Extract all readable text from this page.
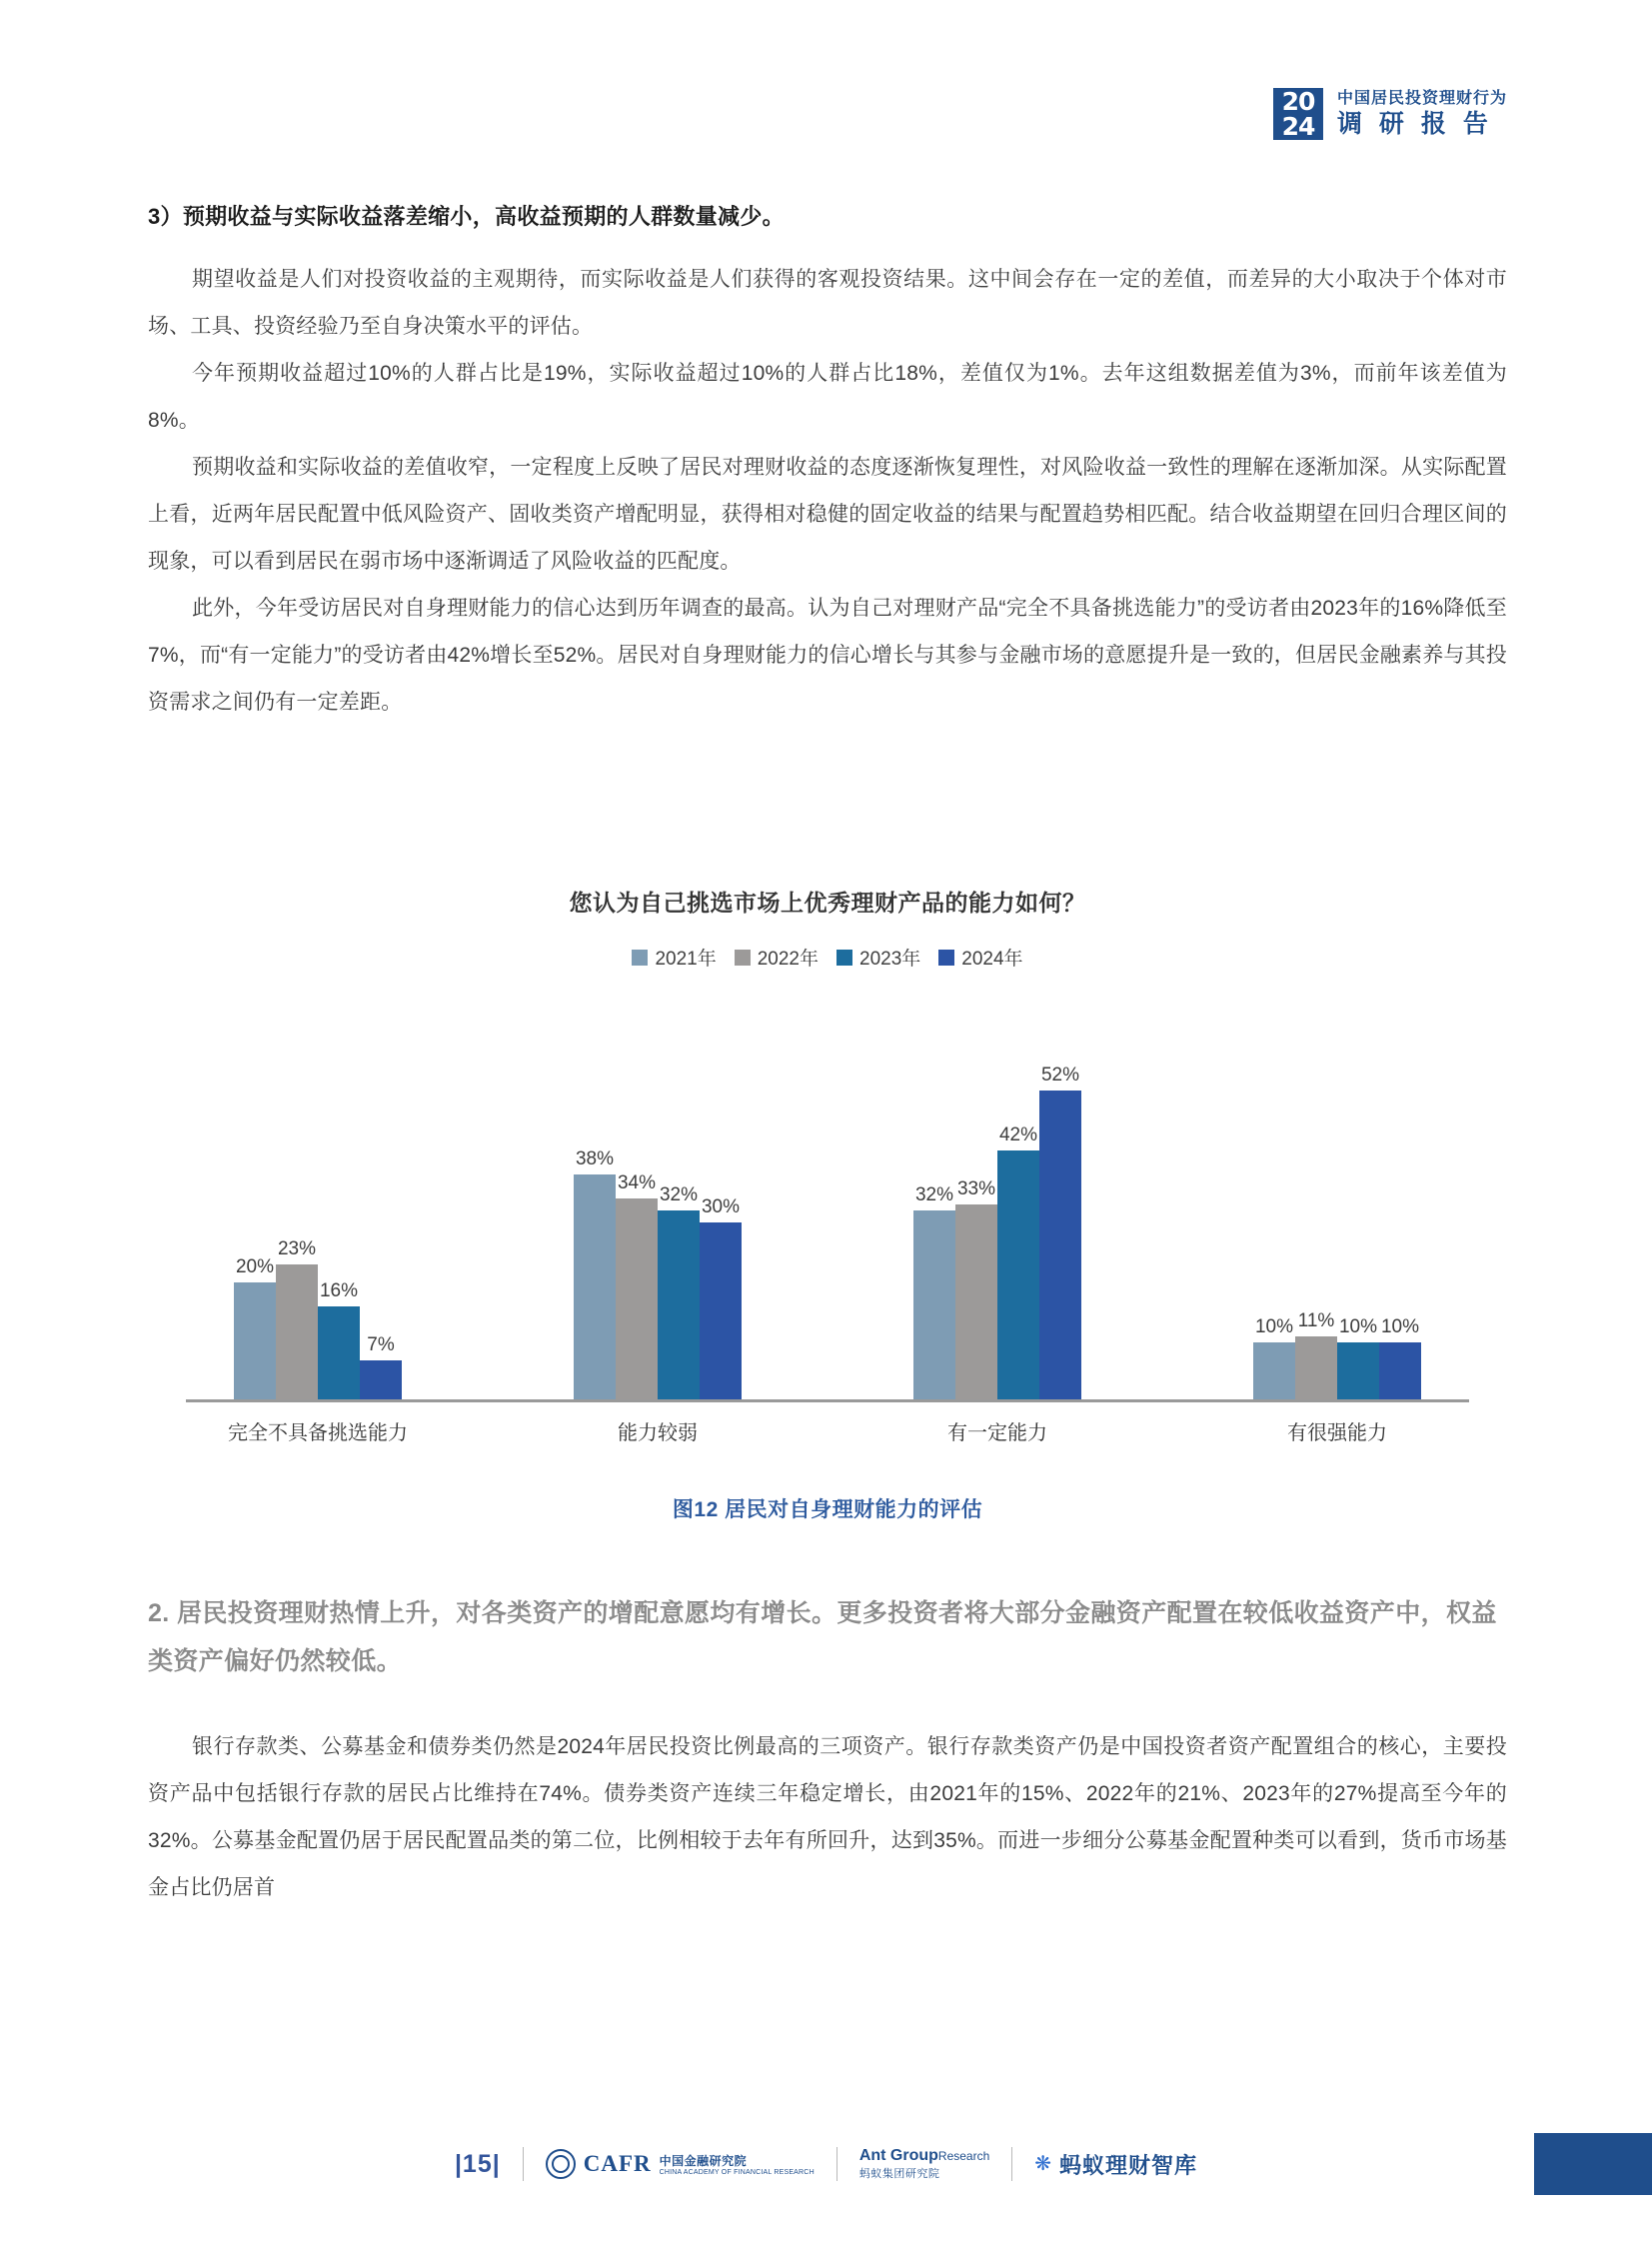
20
24
中国居民投资理财行为
调 研 报 告
3）预期收益与实际收益落差缩小，高收益预期的人群数量减少。

期望收益是人们对投资收益的主观期待，而实际收益是人们获得的客观投资结果。这中间会存在一定的差值，而差异的大小取决于个体对市场、工具、投资经验乃至自身决策水平的评估。

今年预期收益超过10%的人群占比是19%，实际收益超过10%的人群占比18%，差值仅为1%。去年这组数据差值为3%，而前年该差值为8%。

预期收益和实际收益的差值收窄，一定程度上反映了居民对理财收益的态度逐渐恢复理性，对风险收益一致性的理解在逐渐加深。从实际配置上看，近两年居民配置中低风险资产、固收类资产增配明显，获得相对稳健的固定收益的结果与配置趋势相匹配。结合收益期望在回归合理区间的现象，可以看到居民在弱市场中逐渐调适了风险收益的匹配度。

此外，今年受访居民对自身理财能力的信心达到历年调查的最高。认为自己对理财产品“完全不具备挑选能力”的受访者由2023年的16%降低至7%，而“有一定能力”的受访者由42%增长至52%。居民对自身理财能力的信心增长与其参与金融市场的意愿提升是一致的，但居民金融素养与其投资需求之间仍有一定差距。

您认为自己挑选市场上优秀理财产品的能力如何？
2021年 2022年 2023年 2024年
20%
23%
16%
7%
38%
34%
32%
30%
32% 33%
42%
52%
10% 11% 10% 10%
完全不具备挑选能力	能力较弱	有一定能力	有很强能力
图12 居民对自身理财能力的评估
2. 居民投资理财热情上升，对各类资产的增配意愿均有增长。更多投资者将大部分金融资产配置在较低收益资产中，权益类资产偏好仍然较低。

银行存款类、公募基金和债券类仍然是2024年居民投资比例最高的三项资产。银行存款类资产仍是中国投资者资产配置组合的核心，主要投资产品中包括银行存款的居民占比维持在74%。债券类资产连续三年稳定增长，由2021年的15%、2022年的21%、2023年的27%提高至今年的32%。公募基金配置仍居于居民配置品类的第二位，比例相较于去年有所回升，达到35%。而进一步细分公募基金配置种类可以看到，货币市场基金占比仍居首

|15|	CAFR 中国金融研究院
CHINA ACADEMY OF FINANCIAL RESEARCH
Ant GroupResearch
蚂蚁集团研究院	❋ 蚂蚁理财智库
